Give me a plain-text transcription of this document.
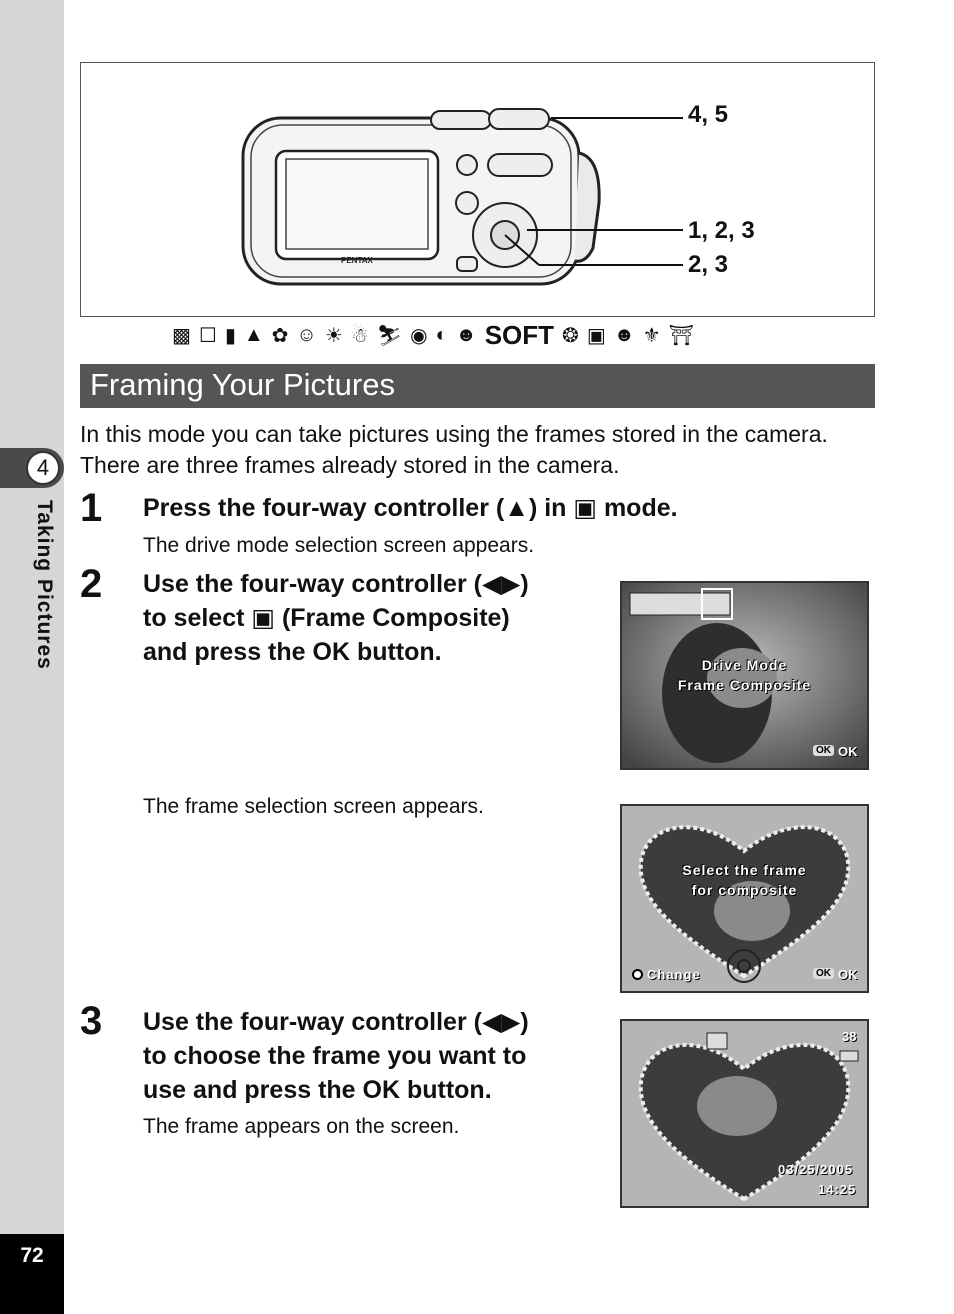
4
Taking Pictures
72
PENTAX
4, 5
1, 2, 3
2, 3
▩ ☐ ▮ ▲ ✿ ☺ ☀ ☃ ⛷ ◉ ◐ ☻ SOFT ❂ ▣ ☻ ⚜ ⛩
Framing Your Pictures
In this mode you can take pictures using the frames stored in the camera. There are three frames already stored in the camera.
1 Press the four-way controller (▲) in ▣ mode.
The drive mode selection screen appears.
2 Use the four-way controller (◀▶)
to select ▣ (Frame Composite)
and press the OK button.
The frame selection screen appears.
3 Use the four-way controller (◀▶)
to choose the frame you want to
use and press the OK button.
The frame appears on the screen.
Drive Mode
Frame Composite
OK OK
Select the frame
for composite
Change	OK OK
38
03/25/2005
14:25
